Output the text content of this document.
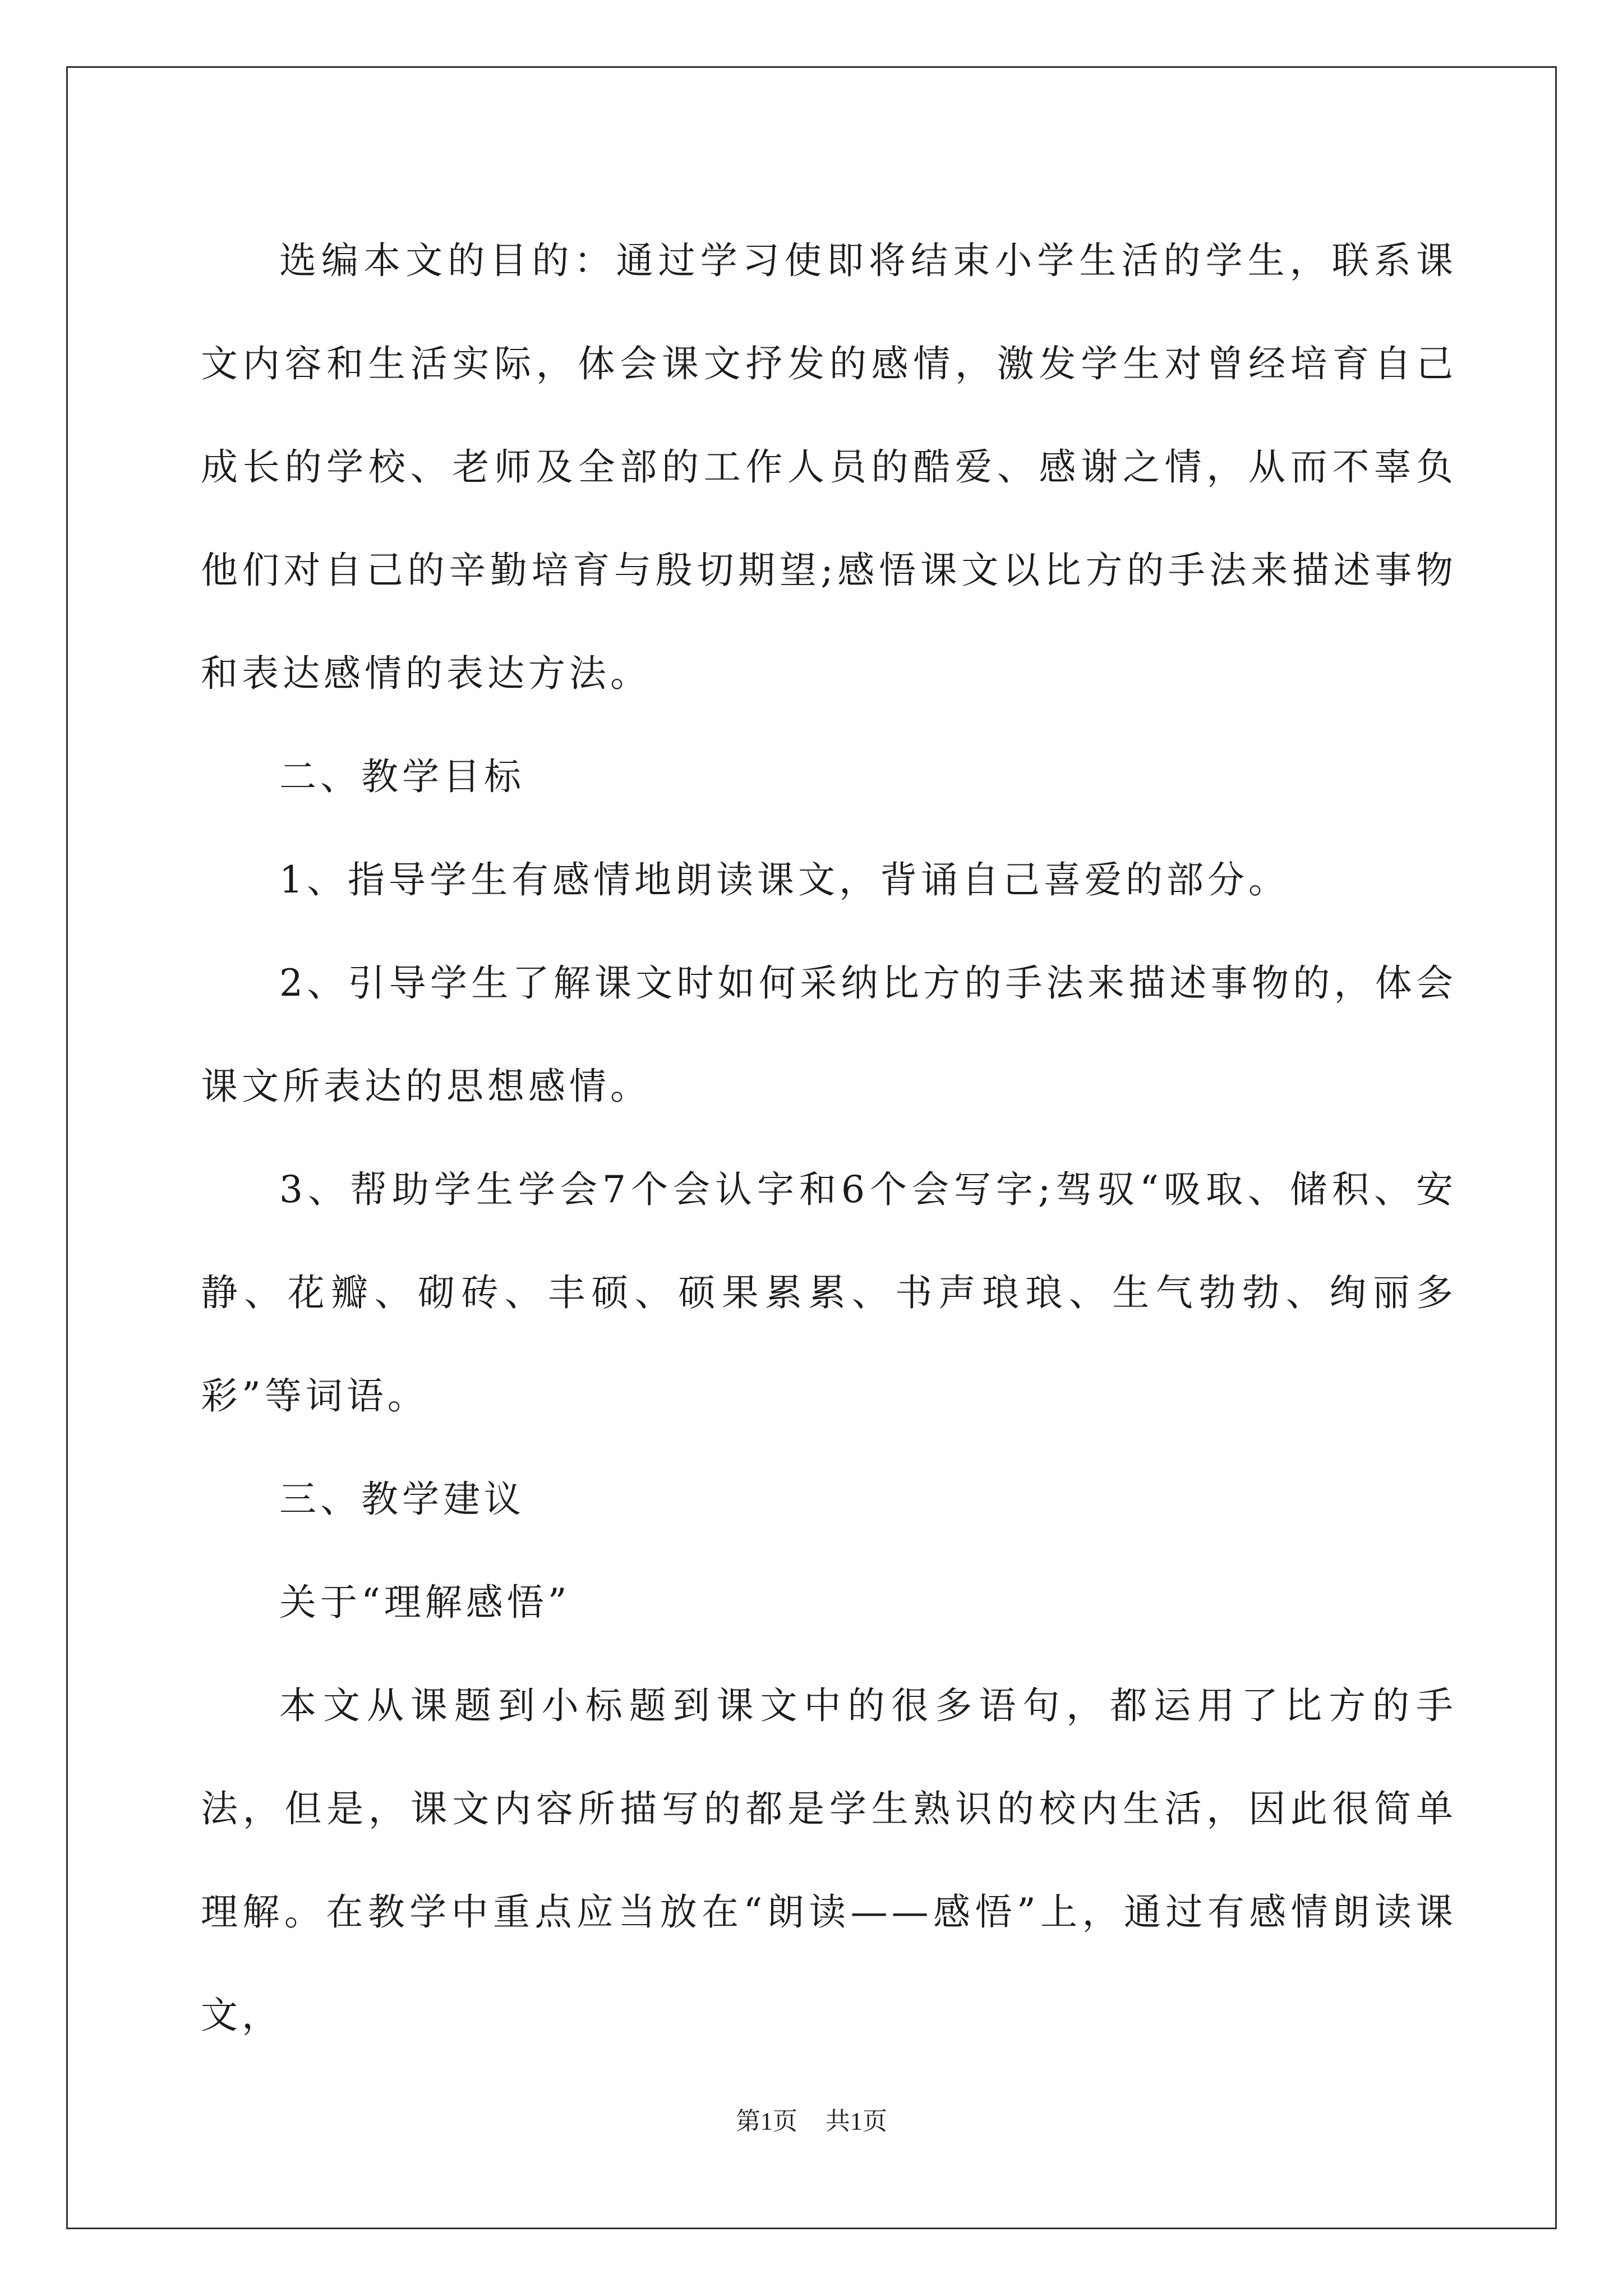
选编本文的目的：通过学习使即将结束小学生活的学生，联系课文内容和生活实际，体会课文抒发的感情，激发学生对曾经培育自己成长的学校、老师及全部的工作人员的酷爱、感谢之情，从而不辜负他们对自己的辛勤培育与殷切期望;感悟课文以比方的手法来描述事物和表达感情的表达方法。

二、教学目标

1、指导学生有感情地朗读课文，背诵自己喜爱的部分。

2、引导学生了解课文时如何采纳比方的手法来描述事物的，体会课文所表达的思想感情。

3、帮助学生学会7个会认字和6个会写字;驾驭“吸取、储积、安静、花瓣、砌砖、丰硕、硕果累累、书声琅琅、生气勃勃、绚丽多彩”等词语。

三、教学建议

关于“理解感悟”

本文从课题到小标题到课文中的很多语句，都运用了比方的手法，但是，课文内容所描写的都是学生熟识的校内生活，因此很简单理解。在教学中重点应当放在“朗读——感悟”上，通过有感情朗读课文，

第1页 共1页
